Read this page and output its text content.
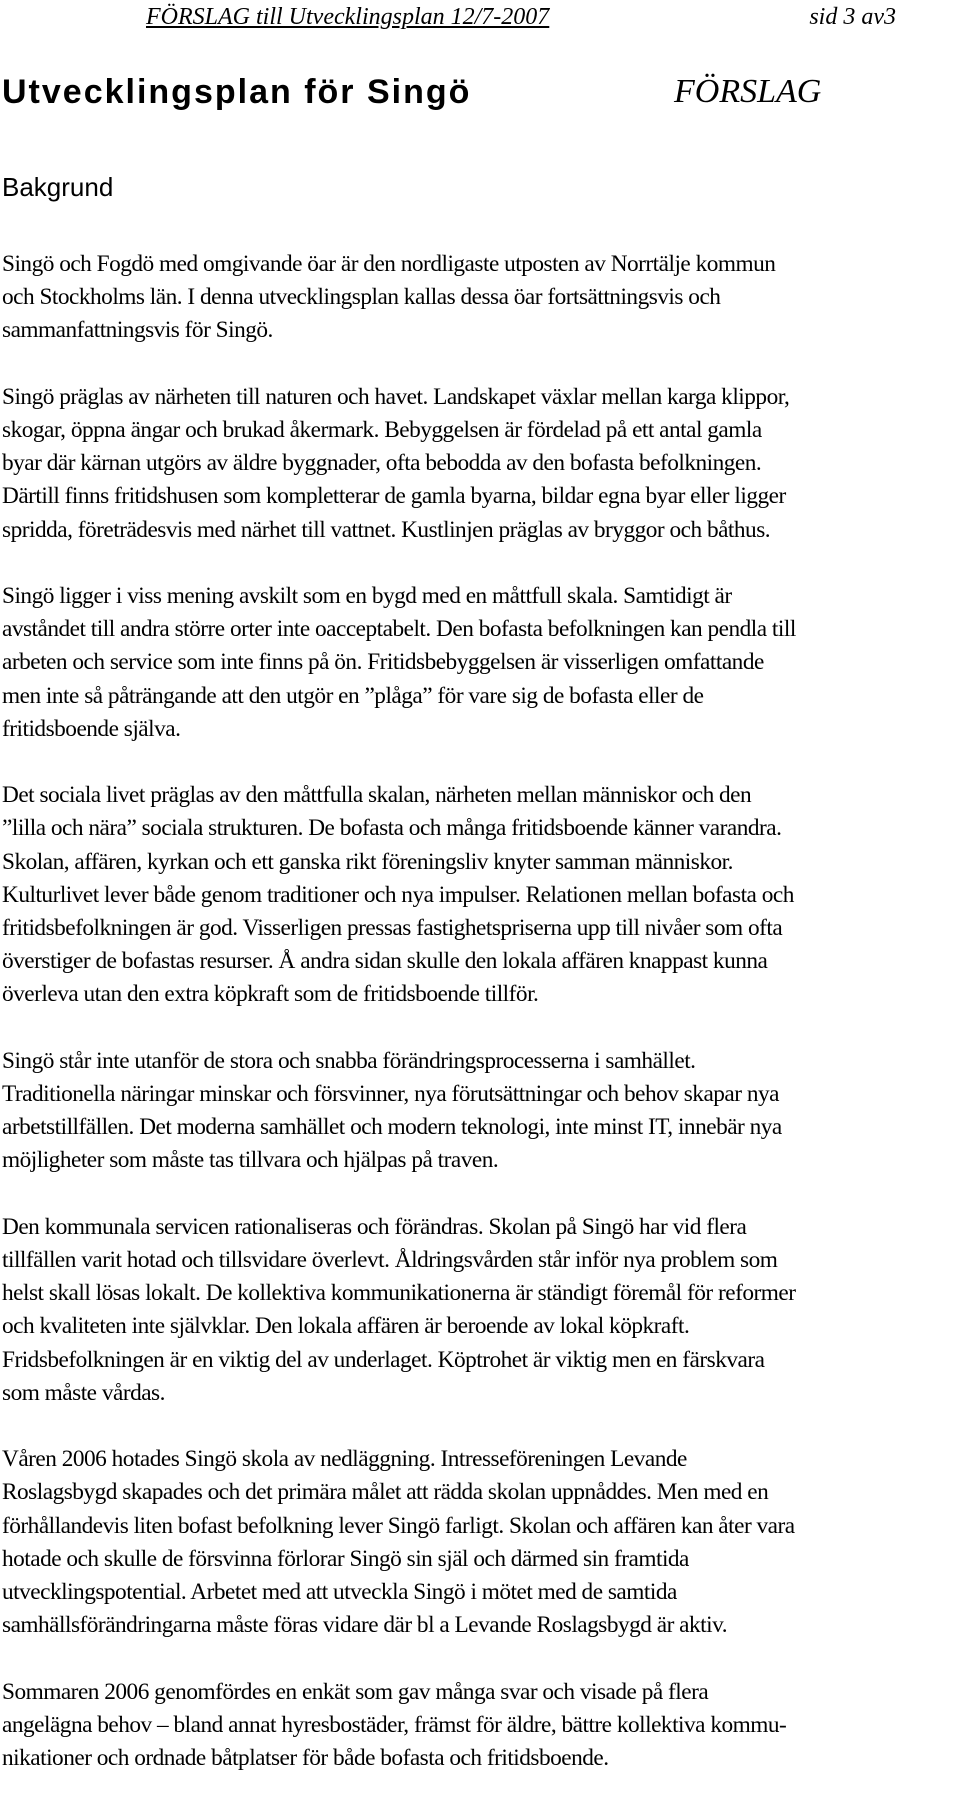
FÖRSLAG till Utvecklingsplan 12/7-2007	sid 3 av3
Utvecklingsplan för Singö	FÖRSLAG
Bakgrund

Singö och Fogdö med omgivande öar är den nordligaste utposten av Norrtälje kommun
och Stockholms län. I denna utvecklingsplan kallas dessa öar fortsättningsvis och
sammanfattningsvis för Singö.

Singö präglas av närheten till naturen och havet. Landskapet växlar mellan karga klippor,
skogar, öppna ängar och brukad åkermark. Bebyggelsen är fördelad på ett antal gamla
byar där kärnan utgörs av äldre byggnader, ofta bebodda av den bofasta befolkningen.
Därtill finns fritidshusen som kompletterar de gamla byarna, bildar egna byar eller ligger
spridda, företrädesvis med närhet till vattnet. Kustlinjen präglas av bryggor och båthus.

Singö ligger i viss mening avskilt som en bygd med en måttfull skala. Samtidigt är
avståndet till andra större orter inte oacceptabelt. Den bofasta befolkningen kan pendla till
arbeten och service som inte finns på ön. Fritidsbebyggelsen är visserligen omfattande
men inte så påträngande att den utgör en ”plåga” för vare sig de bofasta eller de
fritidsboende själva.

Det sociala livet präglas av den måttfulla skalan, närheten mellan människor och den
”lilla och nära” sociala strukturen. De bofasta och många fritidsboende känner varandra.
Skolan, affären, kyrkan och ett ganska rikt föreningsliv knyter samman människor.
Kulturlivet lever både genom traditioner och nya impulser. Relationen mellan bofasta och
fritidsbefolkningen är god. Visserligen pressas fastighetspriserna upp till nivåer som ofta
överstiger de bofastas resurser. Å andra sidan skulle den lokala affären knappast kunna
överleva utan den extra köpkraft som de fritidsboende tillför.

Singö står inte utanför de stora och snabba förändringsprocesserna i samhället.
Traditionella näringar minskar och försvinner, nya förutsättningar och behov skapar nya
arbetstillfällen. Det moderna samhället och modern teknologi, inte minst IT, innebär nya
möjligheter som måste tas tillvara och hjälpas på traven.

Den kommunala servicen rationaliseras och förändras. Skolan på Singö har vid flera
tillfällen varit hotad och tillsvidare överlevt. Åldringsvården står inför nya problem som
helst skall lösas lokalt. De kollektiva kommunikationerna är ständigt föremål för reformer
och kvaliteten inte självklar. Den lokala affären är beroende av lokal köpkraft.
Fridsbefolkningen är en viktig del av underlaget. Köptrohet är viktig men en färskvara
som måste vårdas.

Våren 2006 hotades Singö skola av nedläggning. Intresseföreningen Levande
Roslagsbygd skapades och det primära målet att rädda skolan uppnåddes. Men med en
förhållandevis liten bofast befolkning lever Singö farligt. Skolan och affären kan åter vara
hotade och skulle de försvinna förlorar Singö sin själ och därmed sin framtida
utvecklingspotential. Arbetet med att utveckla Singö i mötet med de samtida
samhällsförändringarna måste föras vidare där bl a Levande Roslagsbygd är aktiv.

Sommaren 2006 genomfördes en enkät som gav många svar och visade på flera
angelägna behov – bland annat hyresbostäder, främst för äldre, bättre kollektiva kommu-
nikationer och ordnade båtplatser för både bofasta och fritidsboende.
